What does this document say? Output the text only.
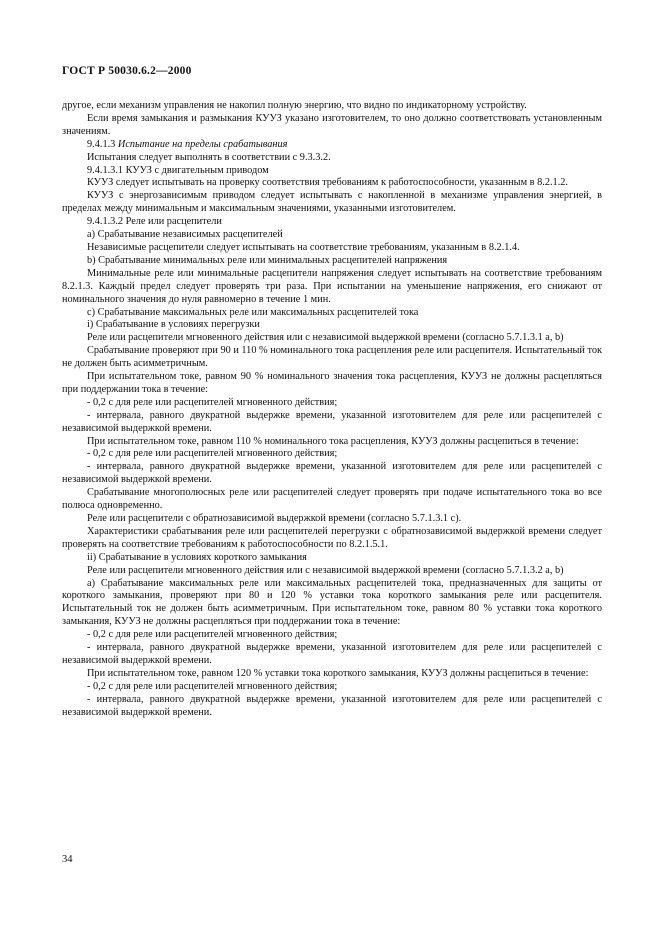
ГОСТ Р 50030.6.2—2000

другое, если механизм управления не накопил полную энергию, что видно по индикаторному устройству.

Если время замыкания и размыкания КУУЗ указано изготовителем, то оно должно соответствовать установленным значениям.

9.4.1.3 Испытание на пределы срабатывания

Испытания следует выполнять в соответствии с 9.3.3.2.

9.4.1.3.1 КУУЗ с двигательным приводом

КУУЗ следует испытывать на проверку соответствия требованиям к работоспособности, указанным в 8.2.1.2.

КУУЗ с энергозависимым приводом следует испытывать с накопленной в механизме управления энергией, в пределах между минимальным и максимальным значениями, указанными изготовителем.

9.4.1.3.2 Реле или расцепители

a) Срабатывание независимых расцепителей

Независимые расцепители следует испытывать на соответствие требованиям, указанным в 8.2.1.4.

b) Срабатывание минимальных реле или минимальных расцепителей напряжения

Минимальные реле или минимальные расцепители напряжения следует испытывать на соответствие требованиям 8.2.1.3. Каждый предел следует проверять три раза. При испытании на уменьшение напряжения, его снижают от номинального значения до нуля равномерно в течение 1 мин.

c) Срабатывание максимальных реле или максимальных расцепителей тока

i) Срабатывание в условиях перегрузки

Реле или расцепители мгновенного действия или с независимой выдержкой времени (согласно 5.7.1.3.1 a, b)

Срабатывание проверяют при 90 и 110 % номинального тока расцепления реле или расцепителя. Испытательный ток не должен быть асимметричным.

При испытательном токе, равном 90 % номинального значения тока расцепления, КУУЗ не должны расцепляться при поддержании тока в течение:

- 0,2 с для реле или расцепителей мгновенного действия;

- интервала, равного двукратной выдержке времени, указанной изготовителем для реле или расцепителей с независимой выдержкой времени.

При испытательном токе, равном 110 % номинального тока расцепления, КУУЗ должны расцепиться в течение:

- 0,2 с для реле или расцепителей мгновенного действия;

- интервала, равного двукратной выдержке времени, указанной изготовителем для реле или расцепителей с независимой выдержкой времени.

Срабатывание многополюсных реле или расцепителей следует проверять при подаче испытательного тока во все полюса одновременно.

Реле или расцепители с обратнозависимой выдержкой времени (согласно 5.7.1.3.1 c).

Характеристики срабатывания реле или расцепителей перегрузки с обратнозависимой выдержкой времени следует проверять на соответствие требованиям к работоспособности по 8.2.1.5.1.

ii) Срабатывание в условиях короткого замыкания

Реле или расцепители мгновенного действия или с независимой выдержкой времени (согласно 5.7.1.3.2 a, b)

a) Срабатывание максимальных реле или максимальных расцепителей тока, предназначенных для защиты от короткого замыкания, проверяют при 80 и 120 % уставки тока короткого замыкания реле или расцепителя. Испытательный ток не должен быть асимметричным. При испытательном токе, равном 80 % уставки тока короткого замыкания, КУУЗ не должны расцепляться при поддержании тока в течение:

- 0,2 с для реле или расцепителей мгновенного действия;

- интервала, равного двукратной выдержке времени, указанной изготовителем для реле или расцепителей с независимой выдержкой времени.

При испытательном токе, равном 120 % уставки тока короткого замыкания, КУУЗ должны расцепиться в течение:

- 0,2 с для реле или расцепителей мгновенного действия;

- интервала, равного двукратной выдержке времени, указанной изготовителем для реле или расцепителей с независимой выдержкой времени.

34
